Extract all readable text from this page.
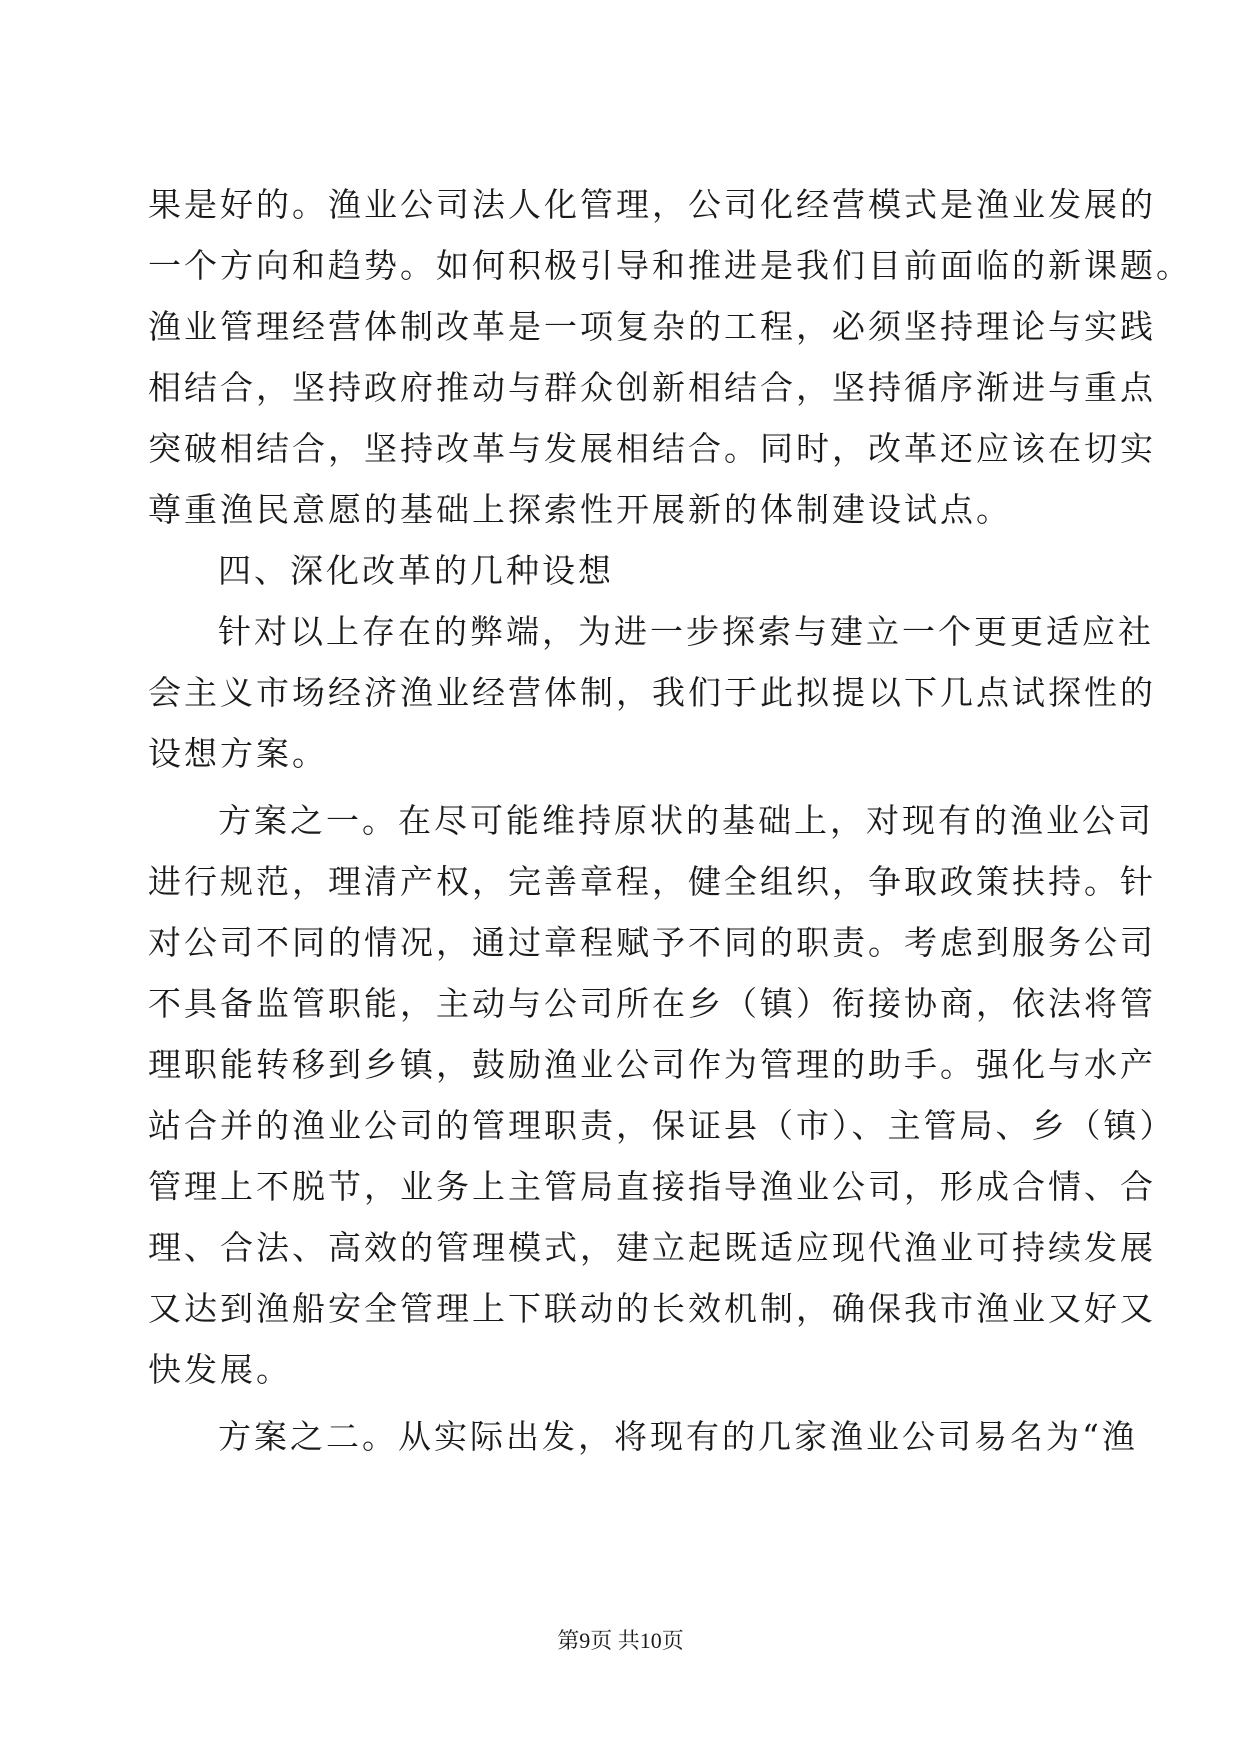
果是好的。渔业公司法人化管理，公司化经营模式是渔业发展的
一个方向和趋势。如何积极引导和推进是我们目前面临的新课题。
渔业管理经营体制改革是一项复杂的工程，必须坚持理论与实践
相结合，坚持政府推动与群众创新相结合，坚持循序渐进与重点
突破相结合，坚持改革与发展相结合。同时，改革还应该在切实
尊重渔民意愿的基础上探索性开展新的体制建设试点。
四、深化改革的几种设想
针对以上存在的弊端，为进一步探索与建立一个更更适应社
会主义市场经济渔业经营体制，我们于此拟提以下几点试探性的
设想方案。
方案之一。在尽可能维持原状的基础上，对现有的渔业公司
进行规范，理清产权，完善章程，健全组织，争取政策扶持。针
对公司不同的情况，通过章程赋予不同的职责。考虑到服务公司
不具备监管职能，主动与公司所在乡（镇）衔接协商，依法将管
理职能转移到乡镇，鼓励渔业公司作为管理的助手。强化与水产
站合并的渔业公司的管理职责，保证县（市）、主管局、乡（镇）
管理上不脱节，业务上主管局直接指导渔业公司，形成合情、合
理、合法、高效的管理模式，建立起既适应现代渔业可持续发展
又达到渔船安全管理上下联动的长效机制，确保我市渔业又好又
快发展。
方案之二。从实际出发，将现有的几家渔业公司易名为“渔
第9页 共10页
